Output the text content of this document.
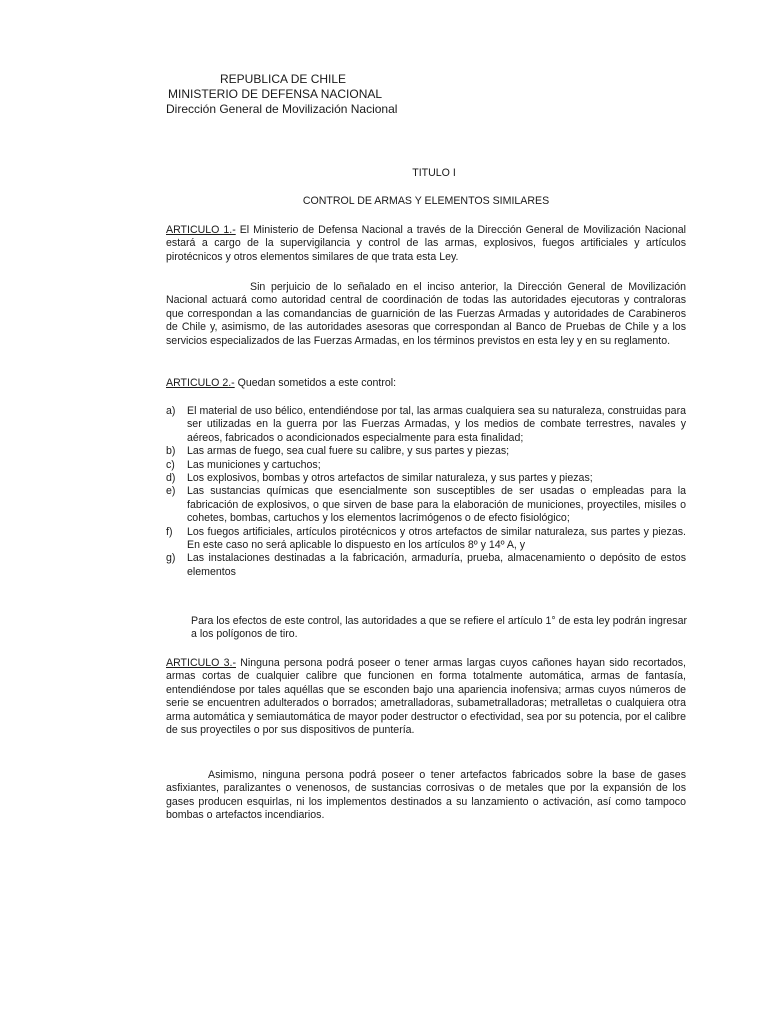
REPUBLICA DE CHILE
MINISTERIO DE DEFENSA NACIONAL
Dirección General de Movilización Nacional
TITULO I
CONTROL DE ARMAS Y ELEMENTOS SIMILARES

ARTICULO 1.- El Ministerio de Defensa Nacional a través de la Dirección General de Movilización Nacional estará a cargo de la supervigilancia y control de las armas, explosivos, fuegos artificiales y artículos pirotécnicos y otros elementos similares de que trata esta Ley.

Sin perjuicio de lo señalado en el inciso anterior, la Dirección General de Movilización Nacional actuará como autoridad central de coordinación de todas las autoridades ejecutoras y contraloras que correspondan a las comandancias de guarnición de las Fuerzas Armadas y autoridades de Carabineros de Chile y, asimismo, de las autoridades asesoras que correspondan al Banco de Pruebas de Chile y a los servicios especializados de las Fuerzas Armadas, en los términos previstos en esta ley y en su reglamento.

ARTICULO 2.- Quedan sometidos a este control:

a) El material de uso bélico, entendiéndose por tal, las armas cualquiera sea su naturaleza, construidas para ser utilizadas en la guerra por las Fuerzas Armadas, y los medios de combate terrestres, navales y aéreos, fabricados o acondicionados especialmente para esta finalidad;
b) Las armas de fuego, sea cual fuere su calibre, y sus partes y piezas;
c) Las municiones y cartuchos;
d) Los explosivos, bombas y otros artefactos de similar naturaleza, y sus partes y piezas;
e) Las sustancias químicas que esencialmente son susceptibles de ser usadas o empleadas para la fabricación de explosivos, o que sirven de base para la elaboración de municiones, proyectiles, misiles o cohetes, bombas, cartuchos y los elementos lacrimógenos o de efecto fisiológico;
f) Los fuegos artificiales, artículos pirotécnicos y otros artefactos de similar naturaleza, sus partes y piezas. En este caso no será aplicable lo dispuesto en los artículos 8º y 14º A, y
g) Las instalaciones destinadas a la fabricación, armaduría, prueba, almacenamiento o depósito de estos elementos

Para los efectos de este control, las autoridades a que se refiere el artículo 1° de esta ley podrán ingresar a los polígonos de tiro.

ARTICULO 3.- Ninguna persona podrá poseer o tener armas largas cuyos cañones hayan sido recortados, armas cortas de cualquier calibre que funcionen en forma totalmente automática, armas de fantasía, entendiéndose por tales aquéllas que se esconden bajo una apariencia inofensiva; armas cuyos números de serie se encuentren adulterados o borrados; ametralladoras, subametralladoras; metralletas o cualquiera otra arma automática y semiautomática de mayor poder destructor o efectividad, sea por su potencia, por el calibre de sus proyectiles o por sus dispositivos de puntería.

Asimismo, ninguna persona podrá poseer o tener artefactos fabricados sobre la base de gases asfixiantes, paralizantes o venenosos, de sustancias corrosivas o de metales que por la expansión de los gases producen esquirlas, ni los implementos destinados a su lanzamiento o activación, así como tampoco bombas o artefactos incendiarios.
